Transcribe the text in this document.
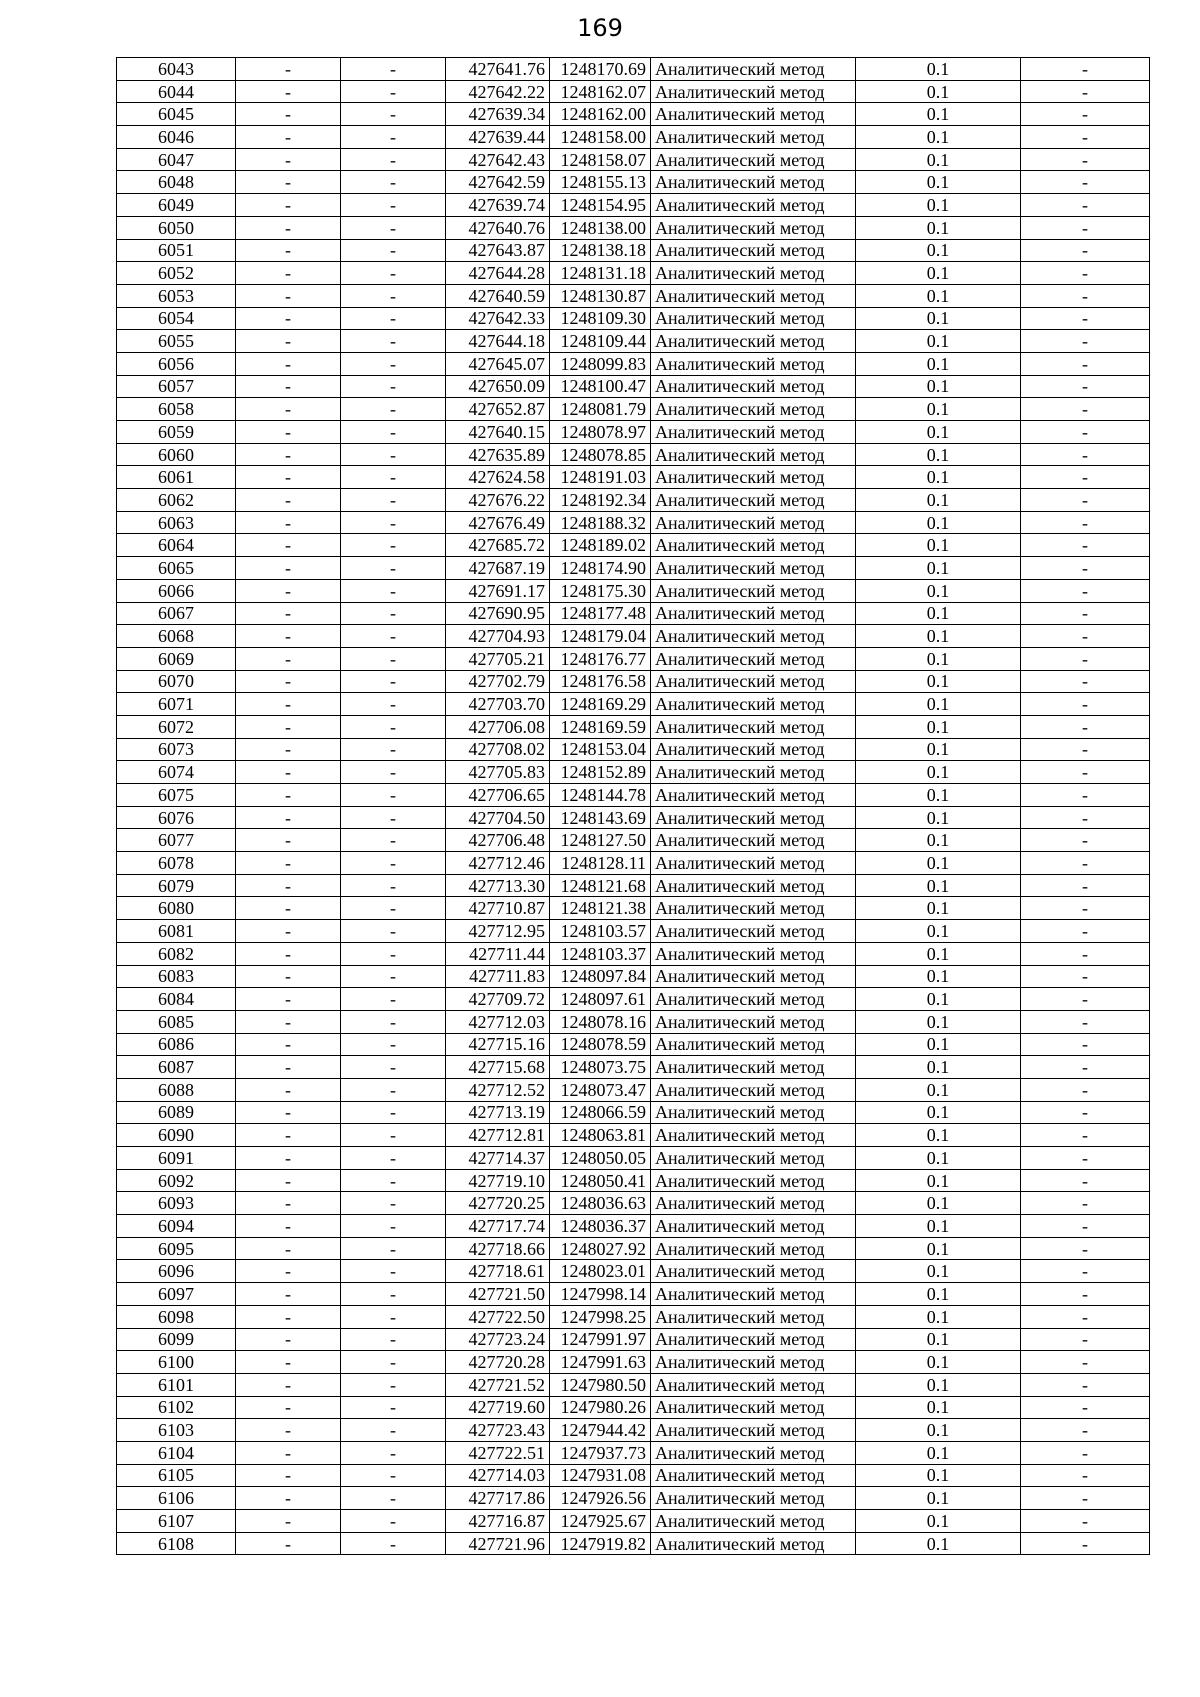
169
6043	-	-	427641.76	1248170.69	Аналитический метод	0.1	-
6044	-	-	427642.22	1248162.07	Аналитический метод	0.1	-
6045	-	-	427639.34	1248162.00	Аналитический метод	0.1	-
6046	-	-	427639.44	1248158.00	Аналитический метод	0.1	-
6047	-	-	427642.43	1248158.07	Аналитический метод	0.1	-
6048	-	-	427642.59	1248155.13	Аналитический метод	0.1	-
6049	-	-	427639.74	1248154.95	Аналитический метод	0.1	-
6050	-	-	427640.76	1248138.00	Аналитический метод	0.1	-
6051	-	-	427643.87	1248138.18	Аналитический метод	0.1	-
6052	-	-	427644.28	1248131.18	Аналитический метод	0.1	-
6053	-	-	427640.59	1248130.87	Аналитический метод	0.1	-
6054	-	-	427642.33	1248109.30	Аналитический метод	0.1	-
6055	-	-	427644.18	1248109.44	Аналитический метод	0.1	-
6056	-	-	427645.07	1248099.83	Аналитический метод	0.1	-
6057	-	-	427650.09	1248100.47	Аналитический метод	0.1	-
6058	-	-	427652.87	1248081.79	Аналитический метод	0.1	-
6059	-	-	427640.15	1248078.97	Аналитический метод	0.1	-
6060	-	-	427635.89	1248078.85	Аналитический метод	0.1	-
6061	-	-	427624.58	1248191.03	Аналитический метод	0.1	-
6062	-	-	427676.22	1248192.34	Аналитический метод	0.1	-
6063	-	-	427676.49	1248188.32	Аналитический метод	0.1	-
6064	-	-	427685.72	1248189.02	Аналитический метод	0.1	-
6065	-	-	427687.19	1248174.90	Аналитический метод	0.1	-
6066	-	-	427691.17	1248175.30	Аналитический метод	0.1	-
6067	-	-	427690.95	1248177.48	Аналитический метод	0.1	-
6068	-	-	427704.93	1248179.04	Аналитический метод	0.1	-
6069	-	-	427705.21	1248176.77	Аналитический метод	0.1	-
6070	-	-	427702.79	1248176.58	Аналитический метод	0.1	-
6071	-	-	427703.70	1248169.29	Аналитический метод	0.1	-
6072	-	-	427706.08	1248169.59	Аналитический метод	0.1	-
6073	-	-	427708.02	1248153.04	Аналитический метод	0.1	-
6074	-	-	427705.83	1248152.89	Аналитический метод	0.1	-
6075	-	-	427706.65	1248144.78	Аналитический метод	0.1	-
6076	-	-	427704.50	1248143.69	Аналитический метод	0.1	-
6077	-	-	427706.48	1248127.50	Аналитический метод	0.1	-
6078	-	-	427712.46	1248128.11	Аналитический метод	0.1	-
6079	-	-	427713.30	1248121.68	Аналитический метод	0.1	-
6080	-	-	427710.87	1248121.38	Аналитический метод	0.1	-
6081	-	-	427712.95	1248103.57	Аналитический метод	0.1	-
6082	-	-	427711.44	1248103.37	Аналитический метод	0.1	-
6083	-	-	427711.83	1248097.84	Аналитический метод	0.1	-
6084	-	-	427709.72	1248097.61	Аналитический метод	0.1	-
6085	-	-	427712.03	1248078.16	Аналитический метод	0.1	-
6086	-	-	427715.16	1248078.59	Аналитический метод	0.1	-
6087	-	-	427715.68	1248073.75	Аналитический метод	0.1	-
6088	-	-	427712.52	1248073.47	Аналитический метод	0.1	-
6089	-	-	427713.19	1248066.59	Аналитический метод	0.1	-
6090	-	-	427712.81	1248063.81	Аналитический метод	0.1	-
6091	-	-	427714.37	1248050.05	Аналитический метод	0.1	-
6092	-	-	427719.10	1248050.41	Аналитический метод	0.1	-
6093	-	-	427720.25	1248036.63	Аналитический метод	0.1	-
6094	-	-	427717.74	1248036.37	Аналитический метод	0.1	-
6095	-	-	427718.66	1248027.92	Аналитический метод	0.1	-
6096	-	-	427718.61	1248023.01	Аналитический метод	0.1	-
6097	-	-	427721.50	1247998.14	Аналитический метод	0.1	-
6098	-	-	427722.50	1247998.25	Аналитический метод	0.1	-
6099	-	-	427723.24	1247991.97	Аналитический метод	0.1	-
6100	-	-	427720.28	1247991.63	Аналитический метод	0.1	-
6101	-	-	427721.52	1247980.50	Аналитический метод	0.1	-
6102	-	-	427719.60	1247980.26	Аналитический метод	0.1	-
6103	-	-	427723.43	1247944.42	Аналитический метод	0.1	-
6104	-	-	427722.51	1247937.73	Аналитический метод	0.1	-
6105	-	-	427714.03	1247931.08	Аналитический метод	0.1	-
6106	-	-	427717.86	1247926.56	Аналитический метод	0.1	-
6107	-	-	427716.87	1247925.67	Аналитический метод	0.1	-
6108	-	-	427721.96	1247919.82	Аналитический метод	0.1	-
